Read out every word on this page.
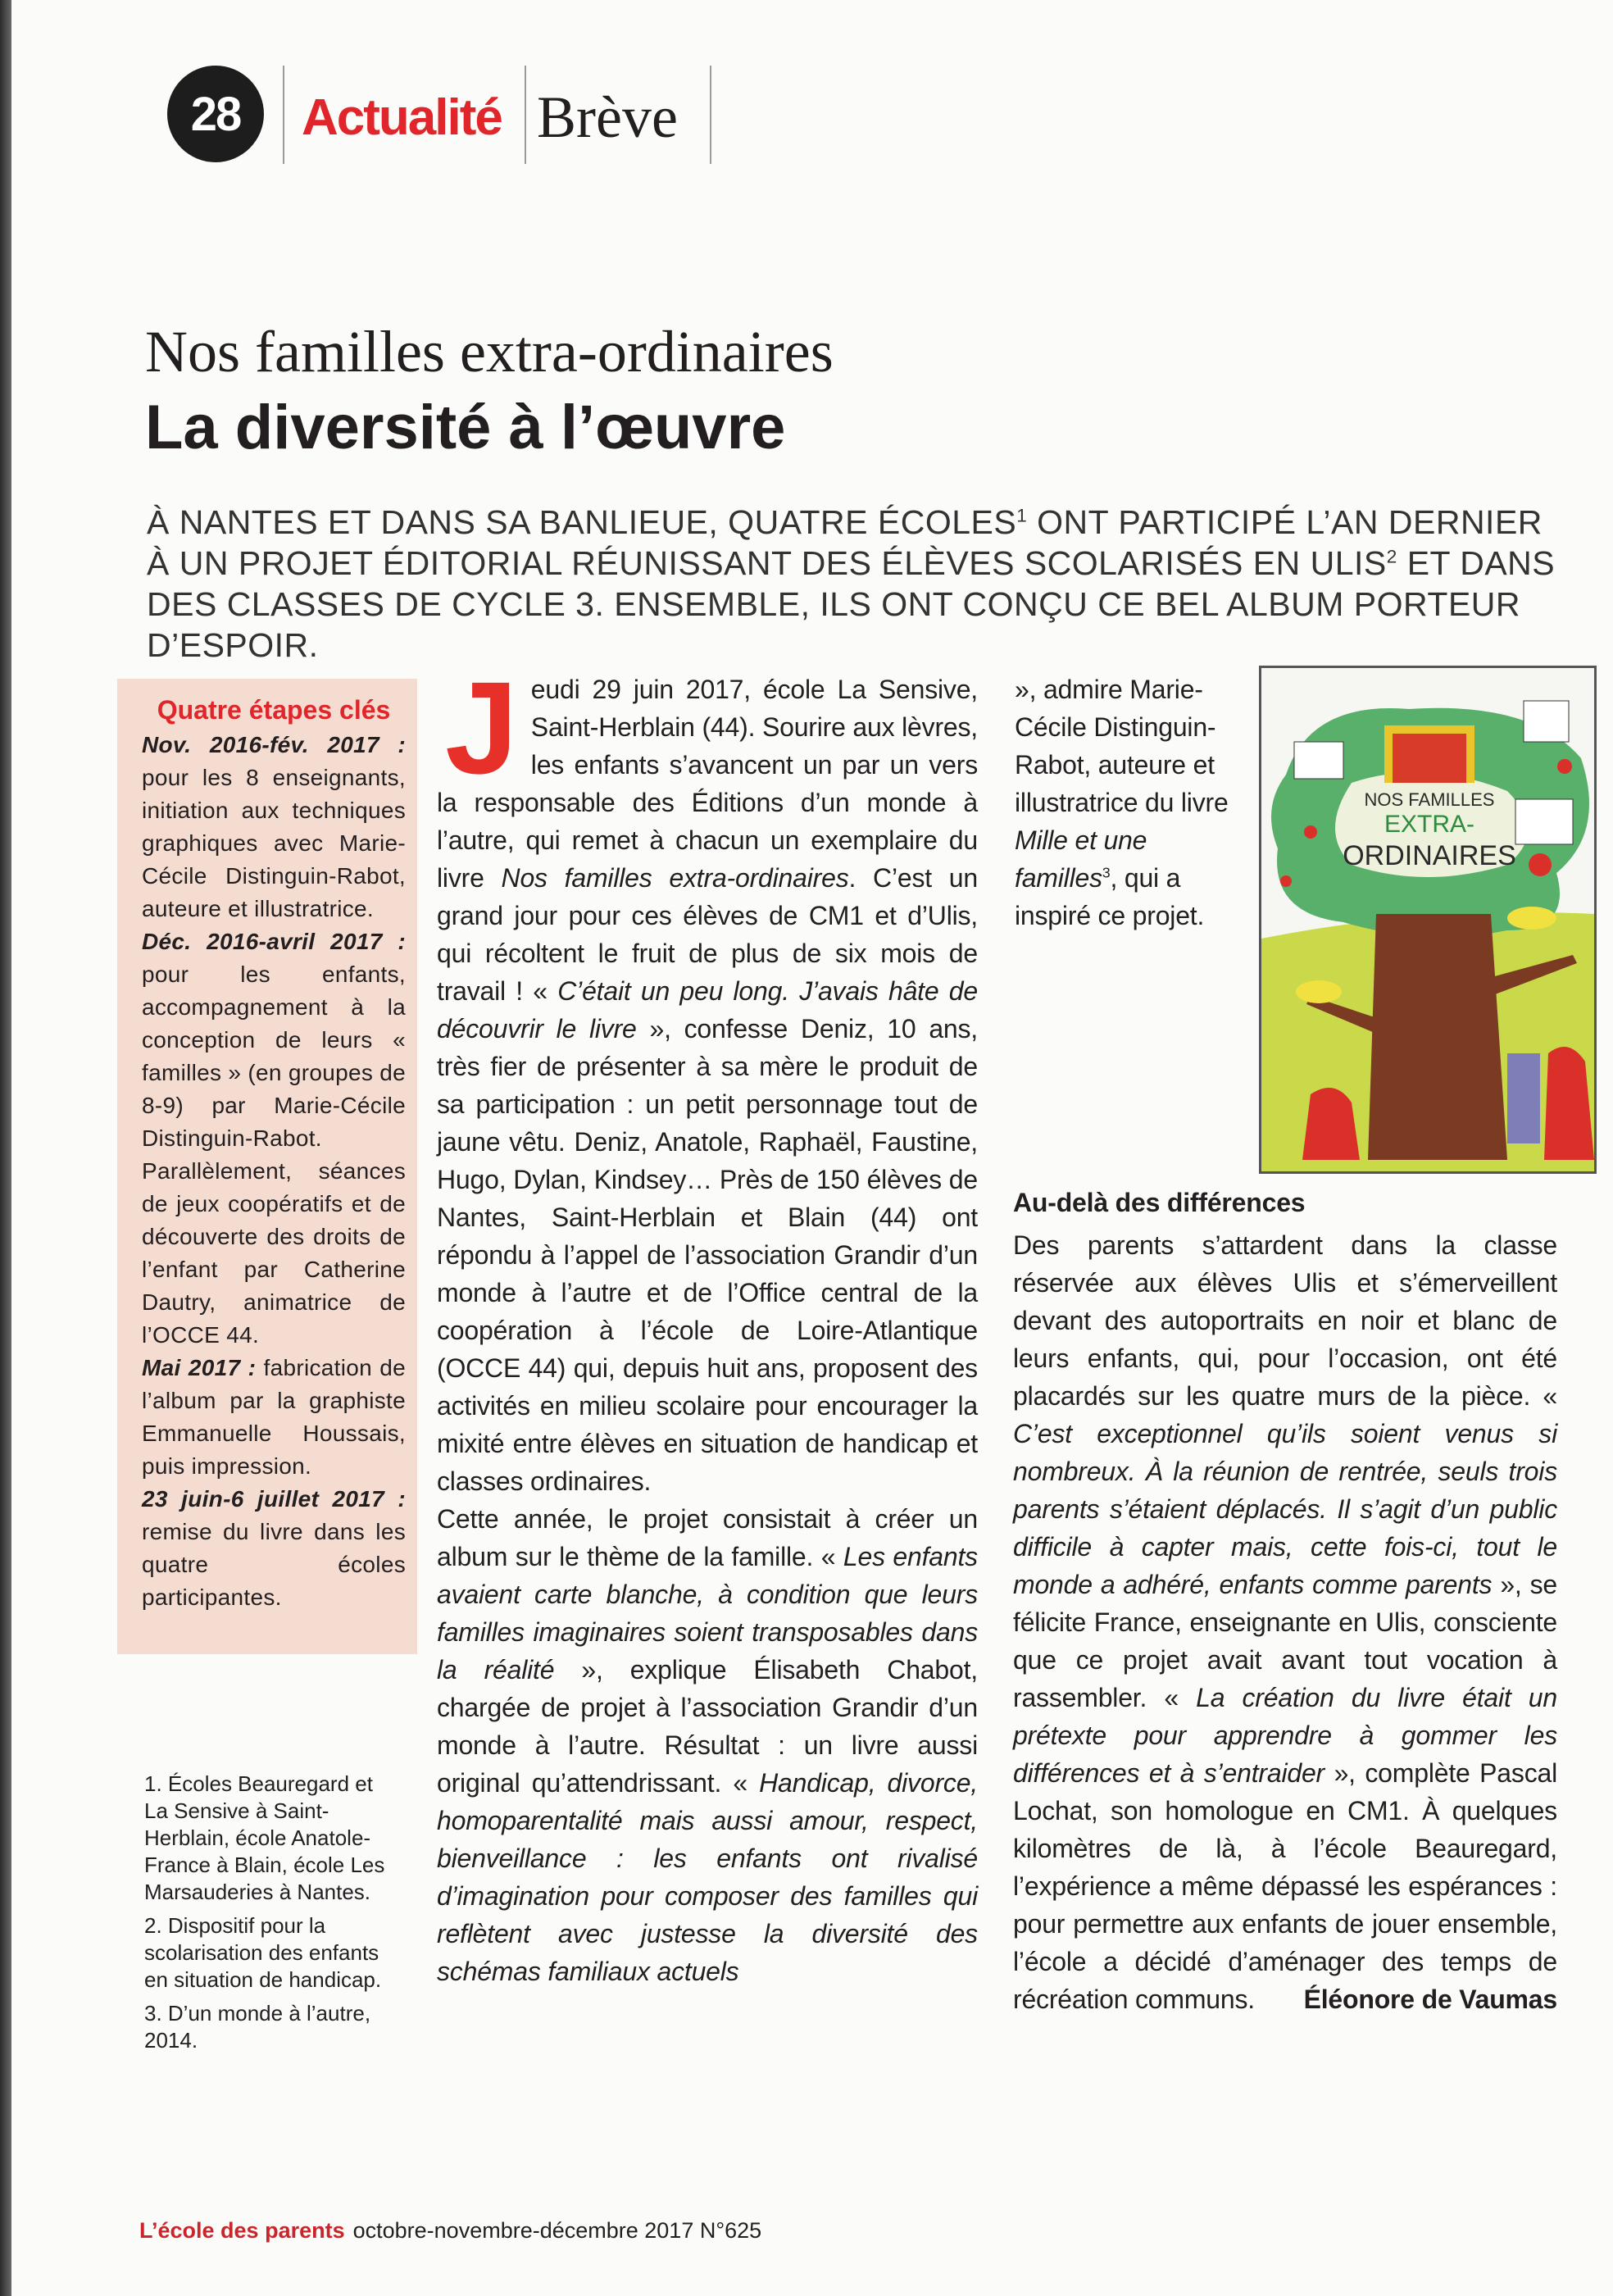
28 Actualité Brève
Nos familles extra-ordinaires
La diversité à l’œuvre
À NANTES ET DANS SA BANLIEUE, QUATRE ÉCOLES$^1$ ONT PARTICIPÉ L’AN DERNIER À UN PROJET ÉDITORIAL RÉUNISSANT DES ÉLÈVES SCOLARISÉS EN ULIS$^2$ ET DANS DES CLASSES DE CYCLE 3. ENSEMBLE, ILS ONT CONÇU CE BEL ALBUM PORTEUR D’ESPOIR.
Quatre étapes clés

Nov. 2016-fév. 2017 : pour les 8 enseignants, initiation aux techniques graphiques avec Marie-Cécile Distinguin-Rabot, auteure et illustratrice.
Déc. 2016-avril 2017 : pour les enfants, accompagnement à la conception de leurs « familles » (en groupes de 8-9) par Marie-Cécile Distinguin-Rabot. Parallèlement, séances de jeux coopératifs et de découverte des droits de l’enfant par Catherine Dautry, animatrice de l’OCCE 44.
Mai 2017 : fabrication de l’album par la graphiste Emmanuelle Houssais, puis impression.
23 juin-6 juillet 2017 : remise du livre dans les quatre écoles participantes.

1. Écoles Beauregard et La Sensive à Saint-Herblain, école Anatole-France à Blain, école Les Marsauderies à Nantes.

2. Dispositif pour la scolarisation des enfants en situation de handicap.

3. D’un monde à l’autre, 2014.

J eudi 29 juin 2017, école La Sensive, Saint-Herblain (44). Sourire aux lèvres, les enfants s’avancent un par un vers la responsable des Éditions d’un monde à l’autre, qui remet à chacun un exemplaire du livre Nos familles extra-ordinaires. C’est un grand jour pour ces élèves de CM1 et d’Ulis, qui récoltent le fruit de plus de six mois de travail ! « C’était un peu long. J’avais hâte de découvrir le livre », confesse Deniz, 10 ans, très fier de présenter à sa mère le produit de sa participation : un petit personnage tout de jaune vêtu. Deniz, Anatole, Raphaël, Faustine, Hugo, Dylan, Kindsey… Près de 150 élèves de Nantes, Saint-Herblain et Blain (44) ont répondu à l’appel de l’association Grandir d’un monde à l’autre et de l’Office central de la coopération à l’école de Loire-Atlantique (OCCE 44) qui, depuis huit ans, proposent des activités en milieu scolaire pour encourager la mixité entre élèves en situation de handicap et classes ordinaires.

Cette année, le projet consistait à créer un album sur le thème de la famille. « Les enfants avaient carte blanche, à condition que leurs familles imaginaires soient transposables dans la réalité », explique Élisabeth Chabot, chargée de projet à l’association Grandir d’un monde à l’autre. Résultat : un livre aussi original qu’attendrissant. « Handicap, divorce, homoparentalité mais aussi amour, respect, bienveillance : les enfants ont rivalisé d’imagination pour composer des familles qui reflètent avec justesse la diversité des schémas familiaux actuels

», admire Marie-Cécile Distinguin-Rabot, auteure et illustratrice du livre Mille et une familles$^3$, qui a inspiré ce projet.

NOS FAMILLES
EXTRA-
ORDINAIRES
Au-delà des différences

Des parents s’attardent dans la classe réservée aux élèves Ulis et s’émerveillent devant des autoportraits en noir et blanc de leurs enfants, qui, pour l’occasion, ont été placardés sur les quatre murs de la pièce. « C’est exceptionnel qu’ils soient venus si nombreux. À la réunion de rentrée, seuls trois parents s’étaient déplacés. Il s’agit d’un public difficile à capter mais, cette fois-ci, tout le monde a adhéré, enfants comme parents », se félicite France, enseignante en Ulis, consciente que ce projet avait avant tout vocation à rassembler. « La création du livre était un prétexte pour apprendre à gommer les différences et à s’entraider », complète Pascal Lochat, son homologue en CM1. À quelques kilomètres de là, à l’école Beauregard, l’expérience a même dépassé les espérances : pour permettre aux enfants de jouer ensemble, l’école a décidé d’aménager des temps de récréation communs. Éléonore de Vaumas

L’école des parents octobre-novembre-décembre 2017 N°625
